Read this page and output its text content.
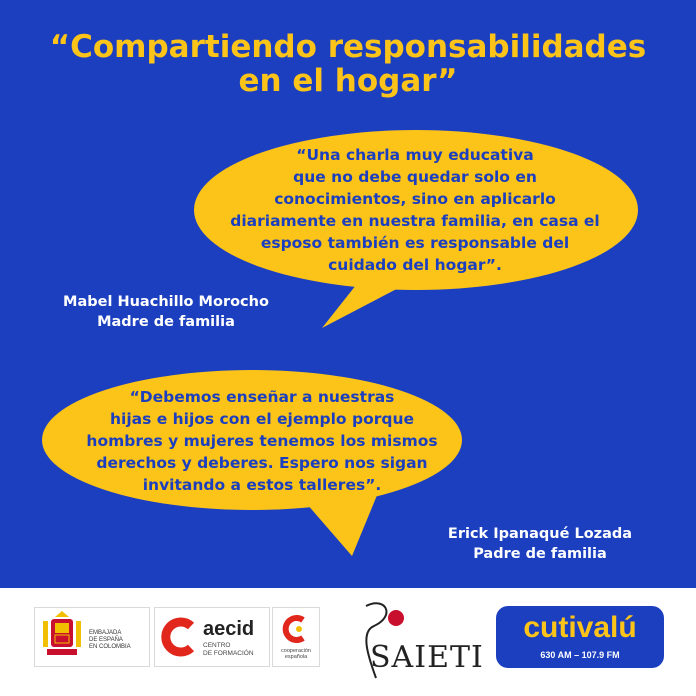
“Compartiendo responsabilidades
en el hogar”
“Una charla muy educativa
que no debe quedar solo en
conocimientos, sino en aplicarlo
diariamente en nuestra familia, en casa el
esposo también es responsable del
cuidado del hogar”.
Mabel Huachillo Morocho
Madre de familia
“Debemos enseñar a nuestras
hijas e hijos con el ejemplo porque
hombres y mujeres tenemos los mismos
derechos y deberes. Espero nos sigan
invitando a estos talleres”.
Erick Ipanaqué Lozada
Padre de familia
EMBAJADA
DE ESPAÑA
EN COLOMBIA
aecid
CENTRO
DE FORMACIÓN	cooperación
española	SAIETI
cutivalú
630 AM – 107.9 FM
